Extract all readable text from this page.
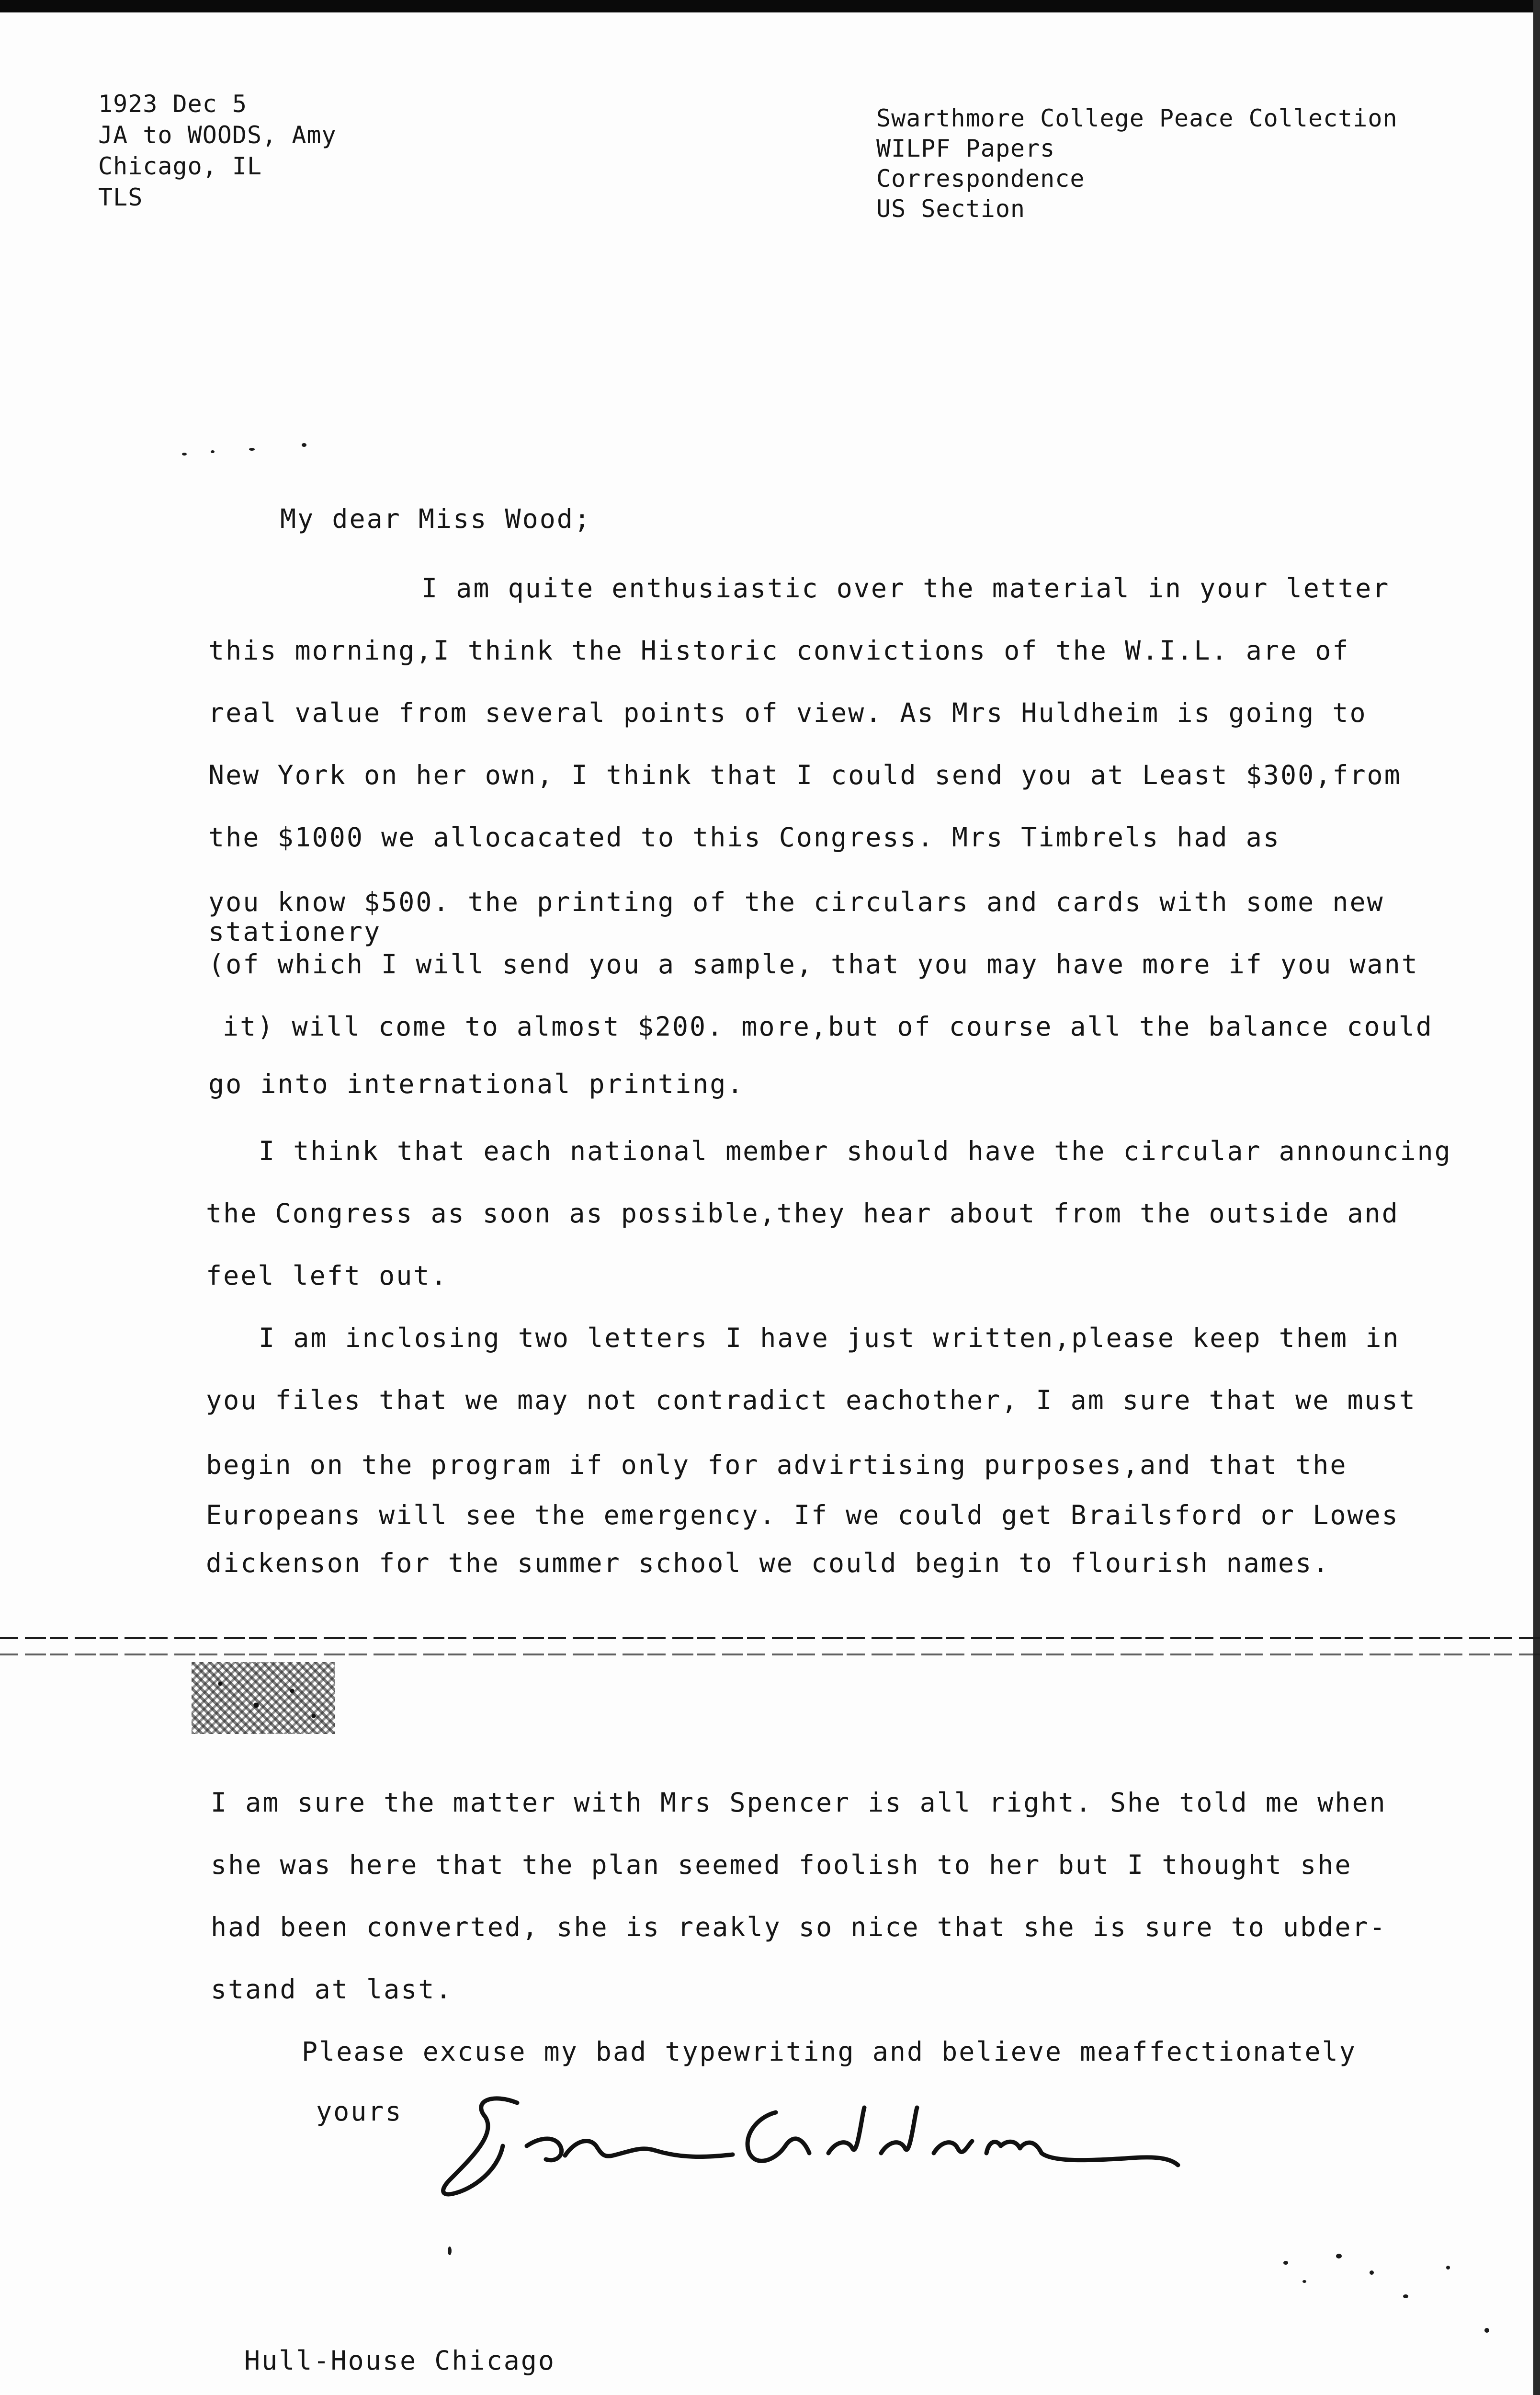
1923 Dec 5
JA to WOODS, Amy
Chicago, IL
TLS
Swarthmore College Peace Collection
WILPF Papers
Correspondence
US Section
My dear Miss Wood;
I am quite enthusiastic over the material in your letter
this morning,I think the Historic convictions of the W.I.L. are of
real value from several points of view. As Mrs Huldheim is going to
New York on her own, I think that I could send you at Least $300,from
the $1000 we allocacated to this Congress. Mrs Timbrels had as
you know $500. the printing of the circulars and cards with some new
stationery
(of which I will send you a sample, that you may have more if you want
it) will come to almost $200. more,but of course all the balance could
go into international printing.
I think that each national member should have the circular announcing
the Congress as soon as possible,they hear about from the outside and
feel left out.
I am inclosing two letters I have just written,please keep them in
you files that we may not contradict eachother, I am sure that we must
begin on the program if only for advirtising purposes,and that the
Europeans will see the emergency. If we could get Brailsford or Lowes
dickenson for the summer school we could begin to flourish names.
I am sure the matter with Mrs Spencer is all right. She told me when
she was here that the plan seemed foolish to her but I thought she
had been converted, she is reakly so nice that she is sure to ubder-
stand at last.
Please excuse my bad typewriting and believe meaffectionately
yours
Jane Addams
Hull-House Chicago
